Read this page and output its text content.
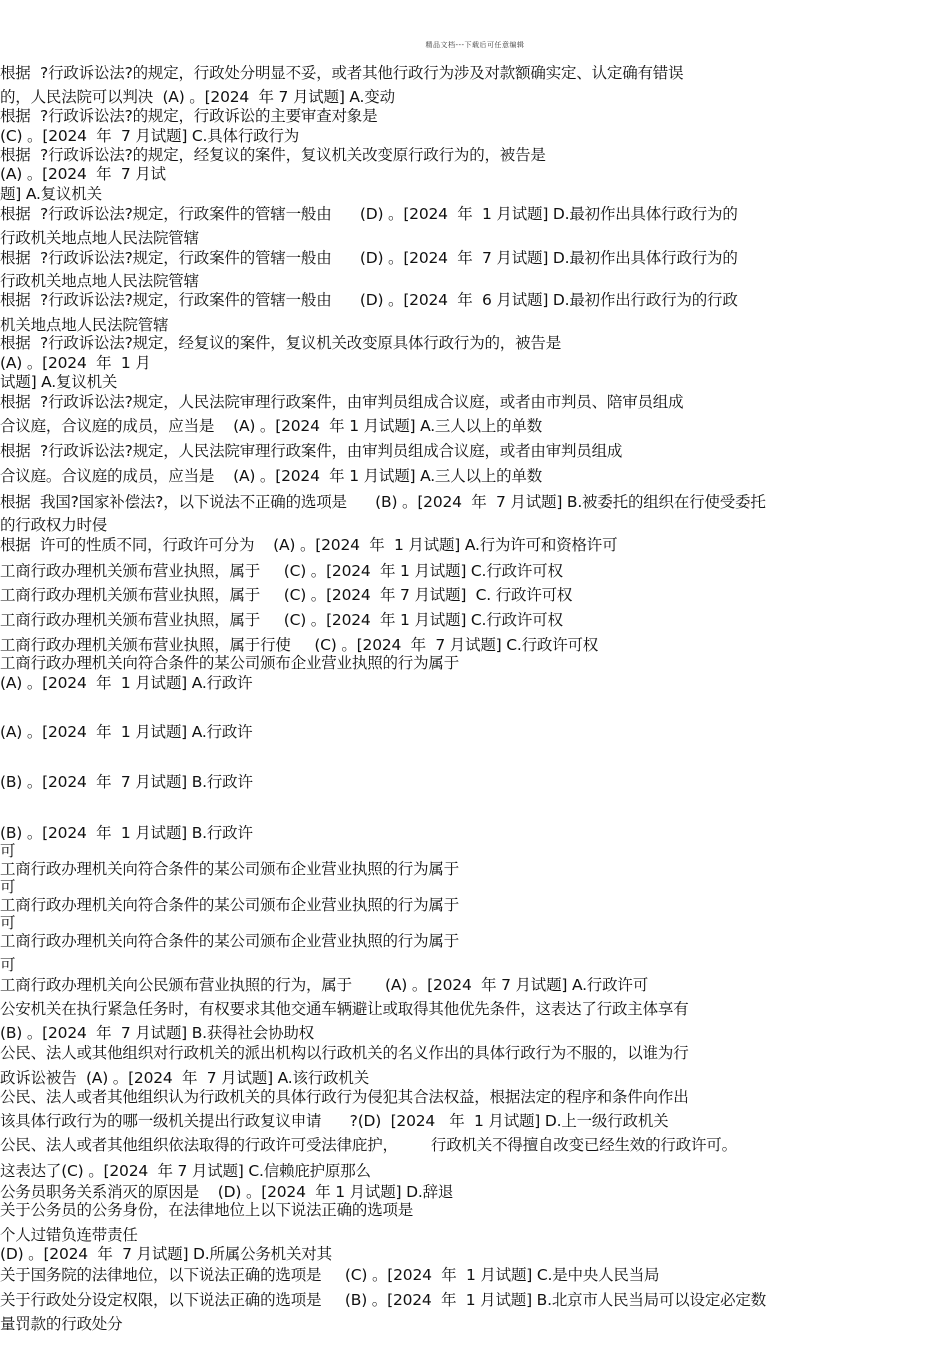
精品文档---下载后可任意编辑
根据  ?行政诉讼法?的规定，行政处分明显不妥，或者其他行政行为涉及对款额确实定、认定确有错误
的，人民法院可以判决  (A) 。[2024  年 7 月试题] A.变动
根据  ?行政诉讼法?的规定，行政诉讼的主要审查对象是
(C) 。[2024  年  7 月试题] C.具体行政行为
根据  ?行政诉讼法?的规定，经复议的案件，复议机关改变原行政行为的，被告是
(A) 。[2024  年  7 月试
题] A.复议机关
根据  ?行政诉讼法?规定，行政案件的管辖一般由      (D) 。[2024  年  1 月试题] D.最初作出具体行政行为的
行政机关地点地人民法院管辖
根据  ?行政诉讼法?规定，行政案件的管辖一般由      (D) 。[2024  年  7 月试题] D.最初作出具体行政行为的
行政机关地点地人民法院管辖
根据  ?行政诉讼法?规定，行政案件的管辖一般由      (D) 。[2024  年  6 月试题] D.最初作出行政行为的行政
机关地点地人民法院管辖
根据  ?行政诉讼法?规定，经复议的案件，复议机关改变原具体行政行为的，被告是
(A) 。[2024  年  1 月
试题] A.复议机关
根据  ?行政诉讼法?规定，人民法院审理行政案件，由审判员组成合议庭，或者由市判员、陪审员组成
合议庭，合议庭的成员，应当是    (A) 。[2024  年 1 月试题] A.三人以上的单数
根据  ?行政诉讼法?规定，人民法院审理行政案件，由审判员组成合议庭，或者由审判员组成
合议庭。合议庭的成员，应当是    (A) 。[2024  年 1 月试题] A.三人以上的单数
根据  我国?国家补偿法?，以下说法不正确的选项是      (B) 。[2024  年  7 月试题] B.被委托的组织在行使受委托
的行政权力时侵
根据  许可的性质不同，行政许可分为    (A) 。[2024  年  1 月试题] A.行为许可和资格许可
工商行政办理机关颁布营业执照，属于     (C) 。[2024  年 1 月试题] C.行政许可权
工商行政办理机关颁布营业执照，属于     (C) 。[2024  年 7 月试题]  C. 行政许可权
工商行政办理机关颁布营业执照，属于     (C) 。[2024  年 1 月试题] C.行政许可权
工商行政办理机关颁布营业执照，属于行使     (C) 。[2024  年  7 月试题] C.行政许可权
工商行政办理机关向符合条件的某公司颁布企业营业执照的行为属于
(A) 。[2024  年  1 月试题] A.行政许
(A) 。[2024  年  1 月试题] A.行政许
(B) 。[2024  年  7 月试题] B.行政许
(B) 。[2024  年  1 月试题] B.行政许
可
工商行政办理机关向符合条件的某公司颁布企业营业执照的行为属于
可
工商行政办理机关向符合条件的某公司颁布企业营业执照的行为属于
可
工商行政办理机关向符合条件的某公司颁布企业营业执照的行为属于
可
工商行政办理机关向公民颁布营业执照的行为，属于       (A) 。[2024  年 7 月试题] A.行政许可
公安机关在执行紧急任务时，有权要求其他交通车辆避让或取得其他优先条件，这表达了行政主体享有
(B) 。[2024  年  7 月试题] B.获得社会协助权
公民、法人或其他组织对行政机关的派出机构以行政机关的名义作出的具体行政行为不服的，以谁为行
政诉讼被告  (A) 。[2024  年  7 月试题] A.该行政机关
公民、法人或者其他组织认为行政机关的具体行政行为侵犯其合法权益，根据法定的程序和条件向作出
该具体行政行为的哪一级机关提出行政复议申请      ?(D)  [2024   年  1 月试题] D.上一级行政机关
公民、法人或者其他组织依法取得的行政许可受法律庇护，       行政机关不得擅自改变已经生效的行政许可。
这表达了(C) 。[2024  年 7 月试题] C.信赖庇护原那么
公务员职务关系消灭的原因是    (D) 。[2024  年 1 月试题] D.辞退
关于公务员的公务身份，在法律地位上以下说法正确的选项是
个人过错负连带责任
(D) 。[2024  年  7 月试题] D.所属公务机关对其
关于国务院的法律地位，以下说法正确的选项是     (C) 。[2024  年  1 月试题] C.是中央人民当局
关于行政处分设定权限，以下说法正确的选项是     (B) 。[2024  年  1 月试题] B.北京市人民当局可以设定必定数
量罚款的行政处分
